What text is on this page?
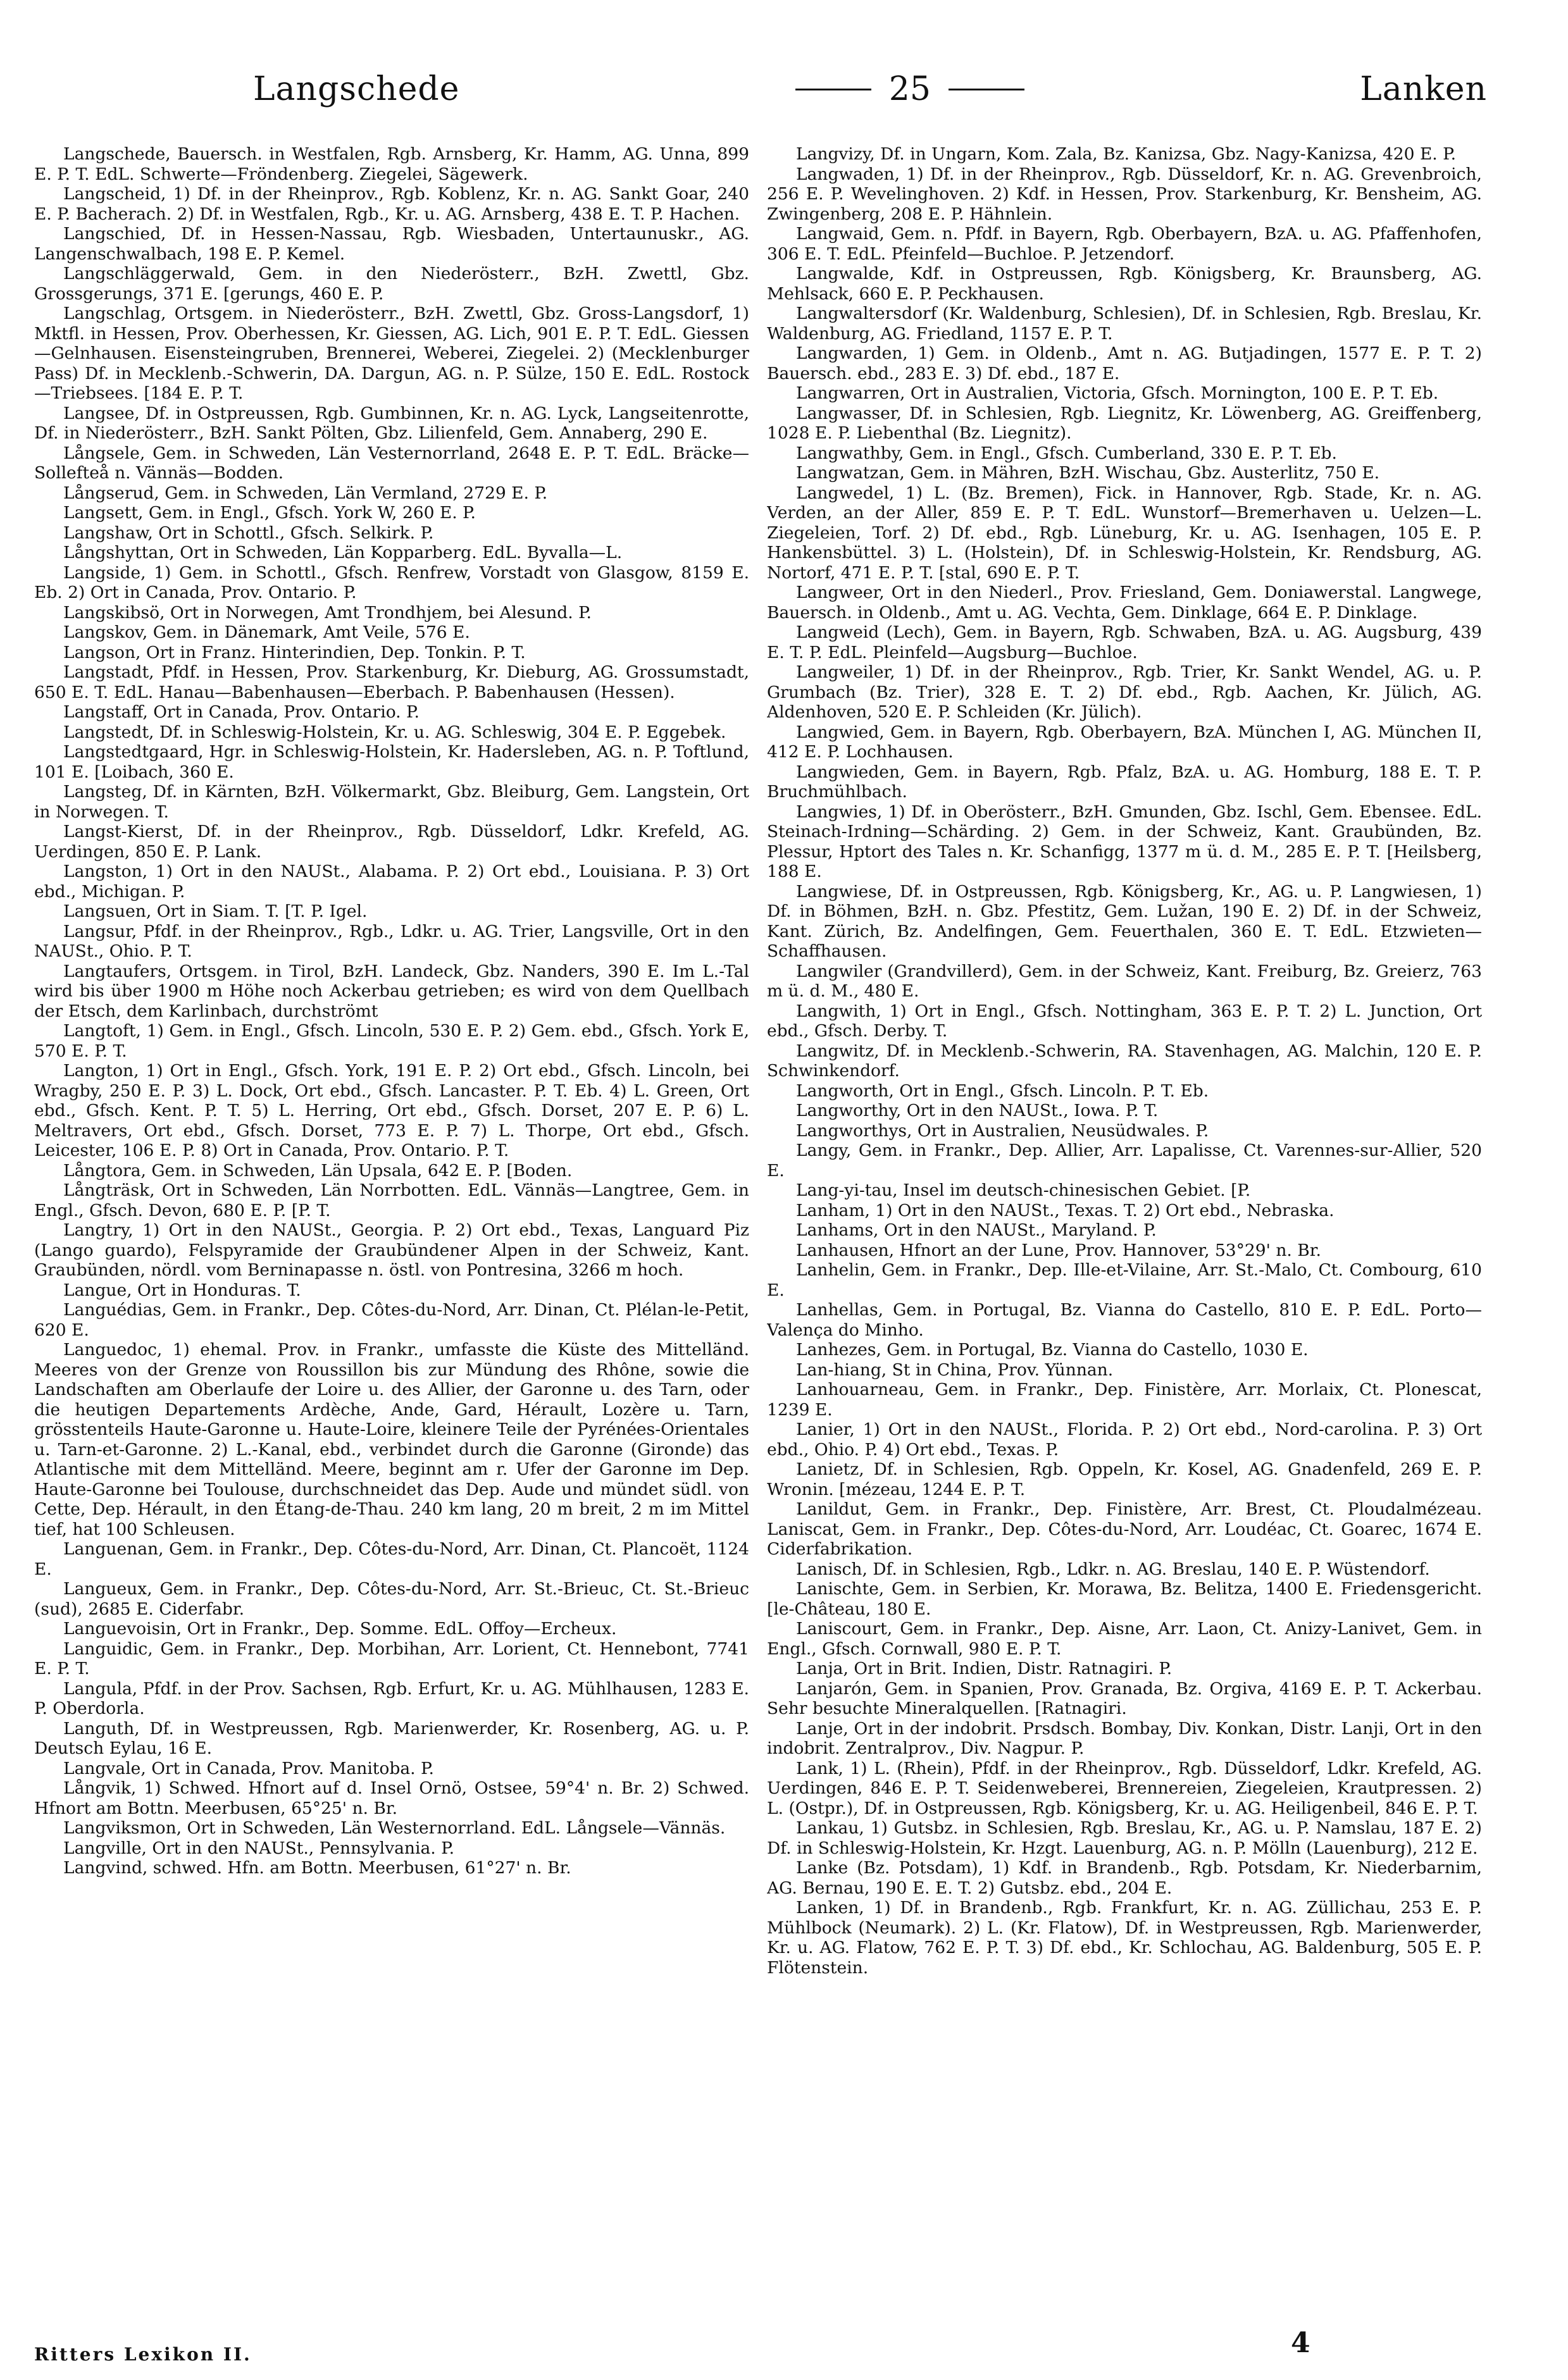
Langschede	25	Lanken

Langschede, Bauersch. in Westfalen, Rgb. Arnsberg, Kr. Hamm, AG. Unna, 899 E. P. T. EdL. Schwerte—Fröndenberg. Ziegelei, Sägewerk.

Langscheid, 1) Df. in der Rheinprov., Rgb. Koblenz, Kr. n. AG. Sankt Goar, 240 E. P. Bacherach. 2) Df. in Westfalen, Rgb., Kr. u. AG. Arnsberg, 438 E. T. P. Hachen.

Langschied, Df. in Hessen-Nassau, Rgb. Wiesbaden, Untertaunuskr., AG. Langenschwalbach, 198 E. P. Kemel.

Langschläggerwald, Gem. in den Niederösterr., BzH. Zwettl, Gbz. Grossgerungs, 371 E. [gerungs, 460 E. P.

Langschlag, Ortsgem. in Niederösterr., BzH. Zwettl, Gbz. Gross-Langsdorf, 1) Mktfl. in Hessen, Prov. Oberhessen, Kr. Giessen, AG. Lich, 901 E. P. T. EdL. Giessen—Gelnhausen. Eisensteingruben, Brennerei, Weberei, Ziegelei. 2) (Mecklenburger Pass) Df. in Mecklenb.-Schwerin, DA. Dargun, AG. n. P. Sülze, 150 E. EdL. Rostock—Triebsees. [184 E. P. T.

Langsee, Df. in Ostpreussen, Rgb. Gumbinnen, Kr. n. AG. Lyck, Langseitenrotte, Df. in Niederösterr., BzH. Sankt Pölten, Gbz. Lilienfeld, Gem. Annaberg, 290 E.

Långsele, Gem. in Schweden, Län Vesternorrland, 2648 E. P. T. EdL. Bräcke—Sollefteå n. Vännäs—Bodden.

Långserud, Gem. in Schweden, Län Vermland, 2729 E. P.

Langsett, Gem. in Engl., Gfsch. York W, 260 E. P.

Langshaw, Ort in Schottl., Gfsch. Selkirk. P.

Långshyttan, Ort in Schweden, Län Kopparberg. EdL. Byvalla—L.

Langside, 1) Gem. in Schottl., Gfsch. Renfrew, Vorstadt von Glasgow, 8159 E. Eb. 2) Ort in Canada, Prov. Ontario. P.

Langskibsö, Ort in Norwegen, Amt Trondhjem, bei Alesund. P.

Langskov, Gem. in Dänemark, Amt Veile, 576 E.

Langson, Ort in Franz. Hinterindien, Dep. Tonkin. P. T.

Langstadt, Pfdf. in Hessen, Prov. Starkenburg, Kr. Dieburg, AG. Grossumstadt, 650 E. T. EdL. Hanau—Babenhausen—Eberbach. P. Babenhausen (Hessen).

Langstaff, Ort in Canada, Prov. Ontario. P.

Langstedt, Df. in Schleswig-Holstein, Kr. u. AG. Schleswig, 304 E. P. Eggebek.

Langstedtgaard, Hgr. in Schleswig-Holstein, Kr. Hadersleben, AG. n. P. Toftlund, 101 E. [Loibach, 360 E.

Langsteg, Df. in Kärnten, BzH. Völkermarkt, Gbz. Bleiburg, Gem. Langstein, Ort in Norwegen. T.

Langst-Kierst, Df. in der Rheinprov., Rgb. Düsseldorf, Ldkr. Krefeld, AG. Uerdingen, 850 E. P. Lank.

Langston, 1) Ort in den NAUSt., Alabama. P. 2) Ort ebd., Louisiana. P. 3) Ort ebd., Michigan. P.

Langsuen, Ort in Siam. T. [T. P. Igel.

Langsur, Pfdf. in der Rheinprov., Rgb., Ldkr. u. AG. Trier, Langsville, Ort in den NAUSt., Ohio. P. T.

Langtaufers, Ortsgem. in Tirol, BzH. Landeck, Gbz. Nanders, 390 E. Im L.-Tal wird bis über 1900 m Höhe noch Ackerbau getrieben; es wird von dem Quellbach der Etsch, dem Karlinbach, durchströmt

Langtoft, 1) Gem. in Engl., Gfsch. Lincoln, 530 E. P. 2) Gem. ebd., Gfsch. York E, 570 E. P. T.

Langton, 1) Ort in Engl., Gfsch. York, 191 E. P. 2) Ort ebd., Gfsch. Lincoln, bei Wragby, 250 E. P. 3) L. Dock, Ort ebd., Gfsch. Lancaster. P. T. Eb. 4) L. Green, Ort ebd., Gfsch. Kent. P. T. 5) L. Herring, Ort ebd., Gfsch. Dorset, 207 E. P. 6) L. Meltravers, Ort ebd., Gfsch. Dorset, 773 E. P. 7) L. Thorpe, Ort ebd., Gfsch. Leicester, 106 E. P. 8) Ort in Canada, Prov. Ontario. P. T.

Långtora, Gem. in Schweden, Län Upsala, 642 E. P. [Boden.

Långträsk, Ort in Schweden, Län Norrbotten. EdL. Vännäs—Langtree, Gem. in Engl., Gfsch. Devon, 680 E. P. [P. T.

Langtry, 1) Ort in den NAUSt., Georgia. P. 2) Ort ebd., Texas, Languard Piz (Lango guardo), Felspyramide der Graubündener Alpen in der Schweiz, Kant. Graubünden, nördl. vom Berninapasse n. östl. von Pontresina, 3266 m hoch.

Langue, Ort in Honduras. T.

Languédias, Gem. in Frankr., Dep. Côtes-du-Nord, Arr. Dinan, Ct. Plélan-le-Petit, 620 E.

Languedoc, 1) ehemal. Prov. in Frankr., umfasste die Küste des Mittelländ. Meeres von der Grenze von Roussillon bis zur Mündung des Rhône, sowie die Landschaften am Oberlaufe der Loire u. des Allier, der Garonne u. des Tarn, oder die heutigen Departements Ardèche, Ande, Gard, Hérault, Lozère u. Tarn, grösstenteils Haute-Garonne u. Haute-Loire, kleinere Teile der Pyrénées-Orientales u. Tarn-et-Garonne. 2) L.-Kanal, ebd., verbindet durch die Garonne (Gironde) das Atlantische mit dem Mittelländ. Meere, beginnt am r. Ufer der Garonne im Dep. Haute-Garonne bei Toulouse, durchschneidet das Dep. Aude und mündet südl. von Cette, Dep. Hérault, in den Étang-de-Thau. 240 km lang, 20 m breit, 2 m im Mittel tief, hat 100 Schleusen.

Languenan, Gem. in Frankr., Dep. Côtes-du-Nord, Arr. Dinan, Ct. Plancoët, 1124 E.

Langueux, Gem. in Frankr., Dep. Côtes-du-Nord, Arr. St.-Brieuc, Ct. St.-Brieuc (sud), 2685 E. Ciderfabr.

Languevoisin, Ort in Frankr., Dep. Somme. EdL. Offoy—Ercheux.

Languidic, Gem. in Frankr., Dep. Morbihan, Arr. Lorient, Ct. Hennebont, 7741 E. P. T.

Langula, Pfdf. in der Prov. Sachsen, Rgb. Erfurt, Kr. u. AG. Mühlhausen, 1283 E. P. Oberdorla.

Languth, Df. in Westpreussen, Rgb. Marienwerder, Kr. Rosenberg, AG. u. P. Deutsch Eylau, 16 E.

Langvale, Ort in Canada, Prov. Manitoba. P.

Långvik, 1) Schwed. Hfnort auf d. Insel Ornö, Ostsee, 59°4' n. Br. 2) Schwed. Hfnort am Bottn. Meerbusen, 65°25' n. Br.

Langviksmon, Ort in Schweden, Län Westernorrland. EdL. Långsele—Vännäs.

Langville, Ort in den NAUSt., Pennsylvania. P.

Langvind, schwed. Hfn. am Bottn. Meerbusen, 61°27' n. Br.

Langvizy, Df. in Ungarn, Kom. Zala, Bz. Kanizsa, Gbz. Nagy-Kanizsa, 420 E. P.

Langwaden, 1) Df. in der Rheinprov., Rgb. Düsseldorf, Kr. n. AG. Grevenbroich, 256 E. P. Wevelinghoven. 2) Kdf. in Hessen, Prov. Starkenburg, Kr. Bensheim, AG. Zwingenberg, 208 E. P. Hähnlein.

Langwaid, Gem. n. Pfdf. in Bayern, Rgb. Oberbayern, BzA. u. AG. Pfaffenhofen, 306 E. T. EdL. Pfeinfeld—Buchloe. P. Jetzendorf.

Langwalde, Kdf. in Ostpreussen, Rgb. Königsberg, Kr. Braunsberg, AG. Mehlsack, 660 E. P. Peckhausen.

Langwaltersdorf (Kr. Waldenburg, Schlesien), Df. in Schlesien, Rgb. Breslau, Kr. Waldenburg, AG. Friedland, 1157 E. P. T.

Langwarden, 1) Gem. in Oldenb., Amt n. AG. Butjadingen, 1577 E. P. T. 2) Bauersch. ebd., 283 E. 3) Df. ebd., 187 E.

Langwarren, Ort in Australien, Victoria, Gfsch. Mornington, 100 E. P. T. Eb.

Langwasser, Df. in Schlesien, Rgb. Liegnitz, Kr. Löwenberg, AG. Greiffenberg, 1028 E. P. Liebenthal (Bz. Liegnitz).

Langwathby, Gem. in Engl., Gfsch. Cumberland, 330 E. P. T. Eb.

Langwatzan, Gem. in Mähren, BzH. Wischau, Gbz. Austerlitz, 750 E.

Langwedel, 1) L. (Bz. Bremen), Fick. in Hannover, Rgb. Stade, Kr. n. AG. Verden, an der Aller, 859 E. P. T. EdL. Wunstorf—Bremerhaven u. Uelzen—L. Ziegeleien, Torf. 2) Df. ebd., Rgb. Lüneburg, Kr. u. AG. Isenhagen, 105 E. P. Hankensbüttel. 3) L. (Holstein), Df. in Schleswig-Holstein, Kr. Rendsburg, AG. Nortorf, 471 E. P. T. [stal, 690 E. P. T.

Langweer, Ort in den Niederl., Prov. Friesland, Gem. Doniawerstal. Langwege, Bauersch. in Oldenb., Amt u. AG. Vechta, Gem. Dinklage, 664 E. P. Dinklage.

Langweid (Lech), Gem. in Bayern, Rgb. Schwaben, BzA. u. AG. Augsburg, 439 E. T. P. EdL. Pleinfeld—Augsburg—Buchloe.

Langweiler, 1) Df. in der Rheinprov., Rgb. Trier, Kr. Sankt Wendel, AG. u. P. Grumbach (Bz. Trier), 328 E. T. 2) Df. ebd., Rgb. Aachen, Kr. Jülich, AG. Aldenhoven, 520 E. P. Schleiden (Kr. Jülich).

Langwied, Gem. in Bayern, Rgb. Oberbayern, BzA. München I, AG. München II, 412 E. P. Lochhausen.

Langwieden, Gem. in Bayern, Rgb. Pfalz, BzA. u. AG. Homburg, 188 E. T. P. Bruchmühlbach.

Langwies, 1) Df. in Oberösterr., BzH. Gmunden, Gbz. Ischl, Gem. Ebensee. EdL. Steinach-Irdning—Schärding. 2) Gem. in der Schweiz, Kant. Graubünden, Bz. Plessur, Hptort des Tales n. Kr. Schanfigg, 1377 m ü. d. M., 285 E. P. T. [Heilsberg, 188 E.

Langwiese, Df. in Ostpreussen, Rgb. Königsberg, Kr., AG. u. P. Langwiesen, 1) Df. in Böhmen, BzH. n. Gbz. Pfestitz, Gem. Lužan, 190 E. 2) Df. in der Schweiz, Kant. Zürich, Bz. Andelfingen, Gem. Feuerthalen, 360 E. T. EdL. Etzwieten—Schaffhausen.

Langwiler (Grandvillerd), Gem. in der Schweiz, Kant. Freiburg, Bz. Greierz, 763 m ü. d. M., 480 E.

Langwith, 1) Ort in Engl., Gfsch. Nottingham, 363 E. P. T. 2) L. Junction, Ort ebd., Gfsch. Derby. T.

Langwitz, Df. in Mecklenb.-Schwerin, RA. Stavenhagen, AG. Malchin, 120 E. P. Schwinkendorf.

Langworth, Ort in Engl., Gfsch. Lincoln. P. T. Eb.

Langworthy, Ort in den NAUSt., Iowa. P. T.

Langworthys, Ort in Australien, Neusüdwales. P.

Langy, Gem. in Frankr., Dep. Allier, Arr. Lapalisse, Ct. Varennes-sur-Allier, 520 E.

Lang-yi-tau, Insel im deutsch-chinesischen Gebiet. [P.

Lanham, 1) Ort in den NAUSt., Texas. T. 2) Ort ebd., Nebraska.

Lanhams, Ort in den NAUSt., Maryland. P.

Lanhausen, Hfnort an der Lune, Prov. Hannover, 53°29' n. Br.

Lanhelin, Gem. in Frankr., Dep. Ille-et-Vilaine, Arr. St.-Malo, Ct. Combourg, 610 E.

Lanhellas, Gem. in Portugal, Bz. Vianna do Castello, 810 E. P. EdL. Porto—Valença do Minho.

Lanhezes, Gem. in Portugal, Bz. Vianna do Castello, 1030 E.

Lan-hiang, St in China, Prov. Yünnan.

Lanhouarneau, Gem. in Frankr., Dep. Finistère, Arr. Morlaix, Ct. Plonescat, 1239 E.

Lanier, 1) Ort in den NAUSt., Florida. P. 2) Ort ebd., Nord-carolina. P. 3) Ort ebd., Ohio. P. 4) Ort ebd., Texas. P.

Lanietz, Df. in Schlesien, Rgb. Oppeln, Kr. Kosel, AG. Gnadenfeld, 269 E. P. Wronin. [mézeau, 1244 E. P. T.

Lanildut, Gem. in Frankr., Dep. Finistère, Arr. Brest, Ct. Ploudalmézeau. Laniscat, Gem. in Frankr., Dep. Côtes-du-Nord, Arr. Loudéac, Ct. Goarec, 1674 E. Ciderfabrikation.

Lanisch, Df. in Schlesien, Rgb., Ldkr. n. AG. Breslau, 140 E. P. Wüstendorf.

Lanischte, Gem. in Serbien, Kr. Morawa, Bz. Belitza, 1400 E. Friedensgericht. [le-Château, 180 E.

Laniscourt, Gem. in Frankr., Dep. Aisne, Arr. Laon, Ct. Anizy-Lanivet, Gem. in Engl., Gfsch. Cornwall, 980 E. P. T.

Lanja, Ort in Brit. Indien, Distr. Ratnagiri. P.

Lanjarón, Gem. in Spanien, Prov. Granada, Bz. Orgiva, 4169 E. P. T. Ackerbau. Sehr besuchte Mineralquellen. [Ratnagiri.

Lanje, Ort in der indobrit. Prsdsch. Bombay, Div. Konkan, Distr. Lanji, Ort in den indobrit. Zentralprov., Div. Nagpur. P.

Lank, 1) L. (Rhein), Pfdf. in der Rheinprov., Rgb. Düsseldorf, Ldkr. Krefeld, AG. Uerdingen, 846 E. P. T. Seidenweberei, Brennereien, Ziegeleien, Krautpressen. 2) L. (Ostpr.), Df. in Ostpreussen, Rgb. Königsberg, Kr. u. AG. Heiligenbeil, 846 E. P. T.

Lankau, 1) Gutsbz. in Schlesien, Rgb. Breslau, Kr., AG. u. P. Namslau, 187 E. 2) Df. in Schleswig-Holstein, Kr. Hzgt. Lauenburg, AG. n. P. Mölln (Lauenburg), 212 E.

Lanke (Bz. Potsdam), 1) Kdf. in Brandenb., Rgb. Potsdam, Kr. Niederbarnim, AG. Bernau, 190 E. E. T. 2) Gutsbz. ebd., 204 E.

Lanken, 1) Df. in Brandenb., Rgb. Frankfurt, Kr. n. AG. Züllichau, 253 E. P. Mühlbock (Neumark). 2) L. (Kr. Flatow), Df. in Westpreussen, Rgb. Marienwerder, Kr. u. AG. Flatow, 762 E. P. T. 3) Df. ebd., Kr. Schlochau, AG. Baldenburg, 505 E. P. Flötenstein.

Ritters Lexikon II.	4
